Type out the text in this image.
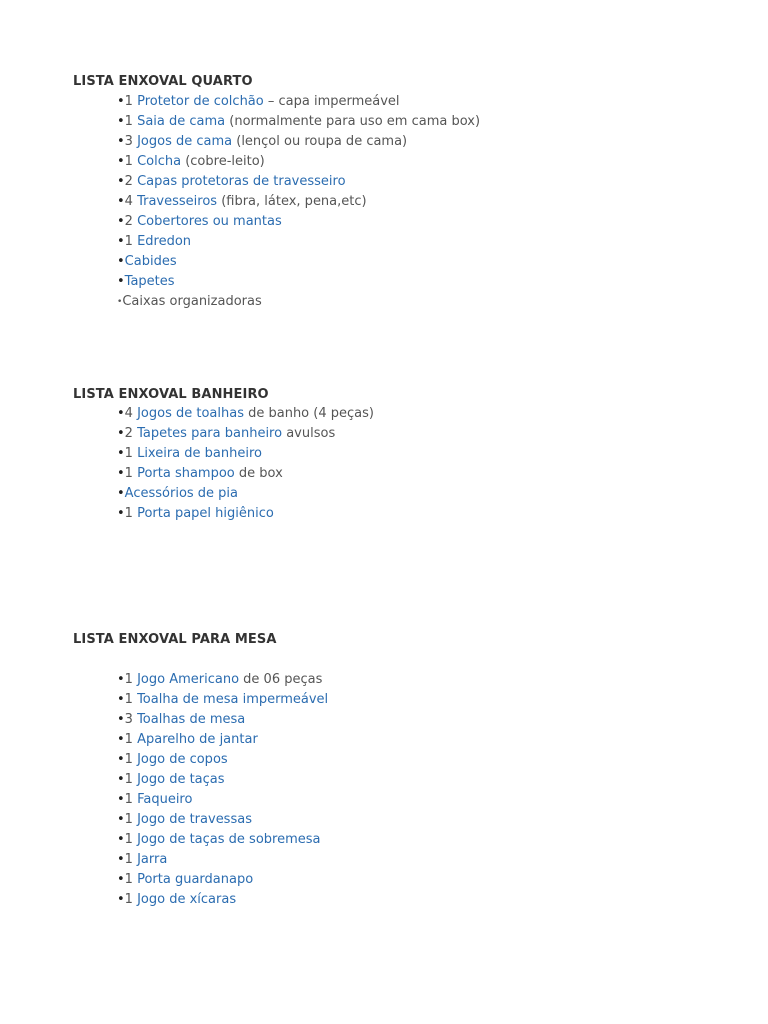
LISTA ENXOVAL QUARTO
•1 Protetor de colchão – capa impermeável
•1 Saia de cama (normalmente para uso em cama box)
•3 Jogos de cama (lençol ou roupa de cama)
•1 Colcha (cobre-leito)
•2 Capas protetoras de travesseiro
•4 Travesseiros (fibra, látex, pena,etc)
•2 Cobertores ou mantas
•1 Edredon
•Cabides
•Tapetes
•Caixas organizadoras
LISTA ENXOVAL BANHEIRO
•4 Jogos de toalhas de banho (4 peças)
•2 Tapetes para banheiro avulsos
•1 Lixeira de banheiro
•1 Porta shampoo de box
•Acessórios de pia
•1 Porta papel higiênico
LISTA ENXOVAL PARA MESA
•1 Jogo Americano de 06 peças
•1 Toalha de mesa impermeável
•3 Toalhas de mesa
•1 Aparelho de jantar
•1 Jogo de copos
•1 Jogo de taças
•1 Faqueiro
•1 Jogo de travessas
•1 Jogo de taças de sobremesa
•1 Jarra
•1 Porta guardanapo
•1 Jogo de xícaras
